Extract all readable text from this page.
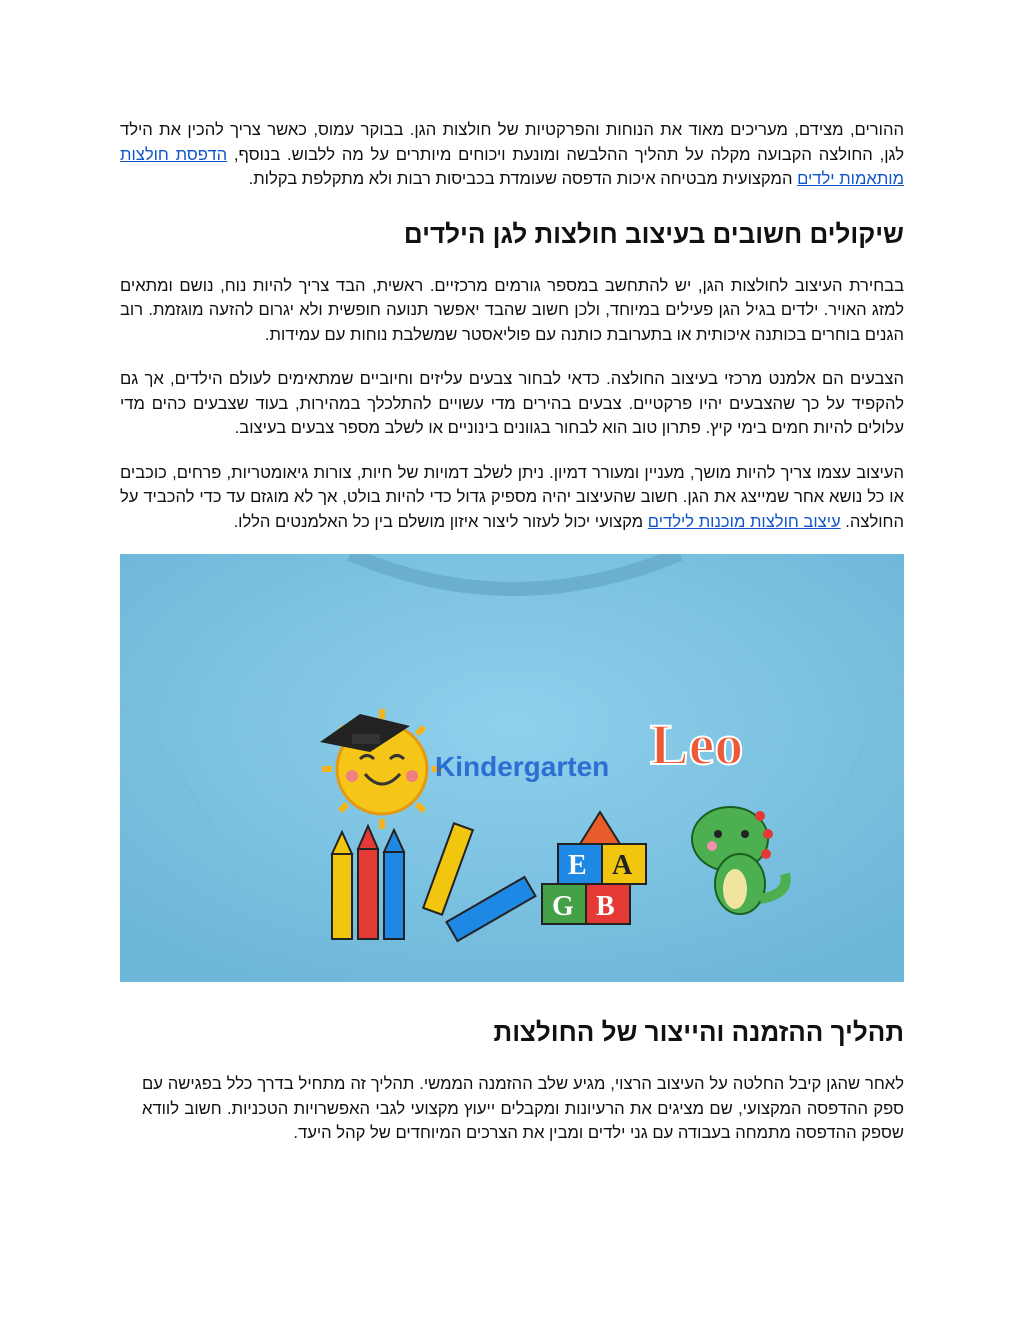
ההורים, מצידם, מעריכים מאוד את הנוחות והפרקטיות של חולצות הגן. בבוקר עמוס, כאשר צריך להכין את הילד לגן, החולצה הקבועה מקלה על תהליך ההלבשה ומונעת ויכוחים מיותרים על מה ללבוש. בנוסף, הדפסת חולצות מותאמות ילדים המקצועית מבטיחה איכות הדפסה שעומדת בכביסות רבות ולא מתקלפת בקלות.

שיקולים חשובים בעיצוב חולצות לגן הילדים

בבחירת העיצוב לחולצות הגן, יש להתחשב במספר גורמים מרכזיים. ראשית, הבד צריך להיות נוח, נושם ומתאים למזג האויר. ילדים בגיל הגן פעילים במיוחד, ולכן חשוב שהבד יאפשר תנועה חופשית ולא יגרום להזעה מוגזמת. רוב הגנים בוחרים בכותנה איכותית או בתערובת כותנה עם פוליאסטר שמשלבת נוחות עם עמידות.

הצבעים הם אלמנט מרכזי בעיצוב החולצה. כדאי לבחור צבעים עליזים וחיוביים שמתאימים לעולם הילדים, אך גם להקפיד על כך שהצבעים יהיו פרקטיים. צבעים בהירים מדי עשויים להתלכלך במהירות, בעוד שצבעים כהים מדי עלולים להיות חמים בימי קיץ. פתרון טוב הוא לבחור בגוונים בינוניים או לשלב מספר צבעים בעיצוב.

העיצוב עצמו צריך להיות מושך, מעניין ומעורר דמיון. ניתן לשלב דמויות של חיות, צורות גיאומטריות, פרחים, כוכבים או כל נושא אחר שמייצג את הגן. חשוב שהעיצוב יהיה מספיק גדול כדי להיות בולט, אך לא מוגזם עד כדי להכביד על החולצה. עיצוב חולצות מוכנות לילדים מקצועי יכול לעזור ליצור איזון מושלם בין כל האלמנטים הללו.

Kindergarten Leo
E A
G B
תהליך ההזמנה והייצור של החולצות

לאחר שהגן קיבל החלטה על העיצוב הרצוי, מגיע שלב ההזמנה הממשי. תהליך זה מתחיל בדרך כלל בפגישה עם ספק ההדפסה המקצועי, שם מציגים את הרעיונות ומקבלים ייעוץ מקצועי לגבי האפשרויות הטכניות. חשוב לוודא שספק ההדפסה מתמחה בעבודה עם גני ילדים ומבין את הצרכים המיוחדים של קהל היעד.
